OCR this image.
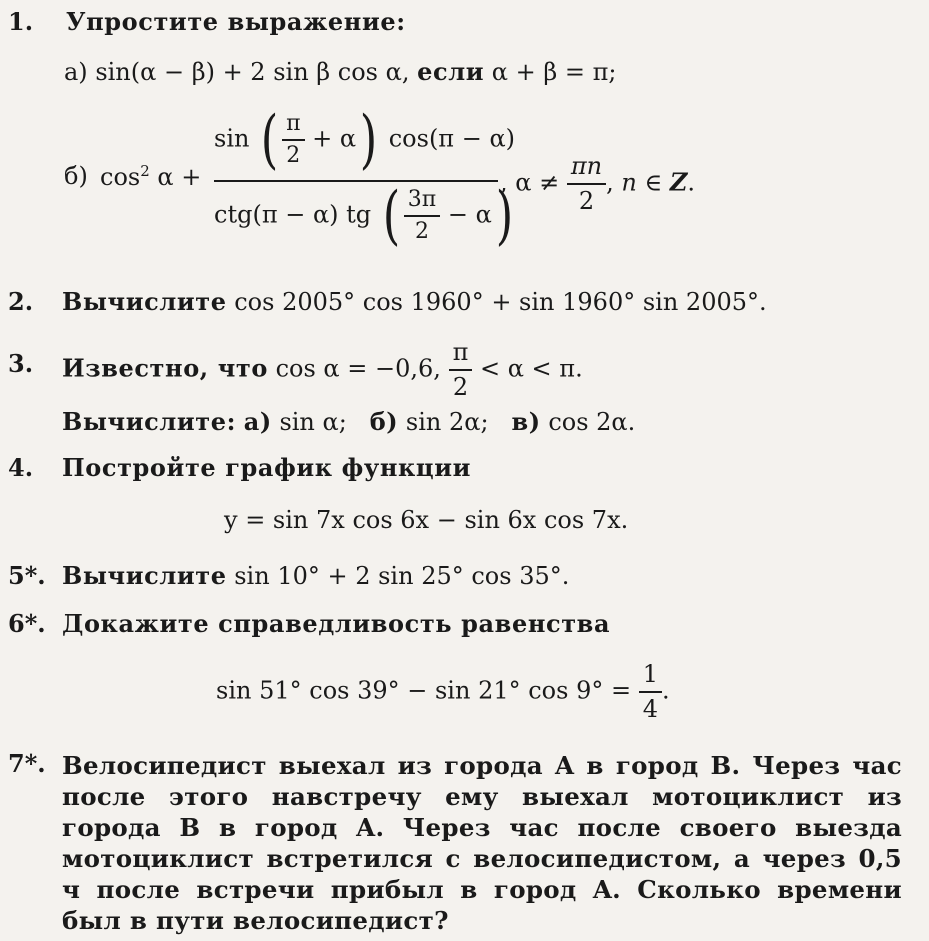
1. Упростите выражение:
а) sin(α − β) + 2 sin β cos α, если α + β = π;
б) $\cos^2 \alpha$ +
sin ( $\frac{\pi}{2} + \alpha$) cos(π − α)
ctg(π − α) tg ( $\frac{3\pi}{2} - \alpha$)
, $\alpha \ne \frac{\pi n}{2}$ , n ∈ Z.
2. Вычислите cos 2005° cos 1960° + sin 1960° sin 2005°.
3. Известно, что cos α = −0,6, $\frac{\pi}{2} < \alpha < \pi$.
Вычислите: а) sin α; б) sin 2α; в) cos 2α.
4. Постройте график функции
y = sin 7x cos 6x − sin 6x cos 7x.
5*. Вычислите sin 10° + 2 sin 25° cos 35°.
6*. Докажите справедливость равенства
sin 51° cos 39° − sin 21° $\cos 9^\circ = \frac{1}{4}$ .
7*. Велосипедист выехал из города A в город B. Через час после этого навстречу ему выехал мотоциклист из города B в город A. Через час после своего выезда мотоциклист встретился с велосипедистом, а через 0,5 ч после встречи прибыл в город A. Сколько времени был в пути велосипедист?
